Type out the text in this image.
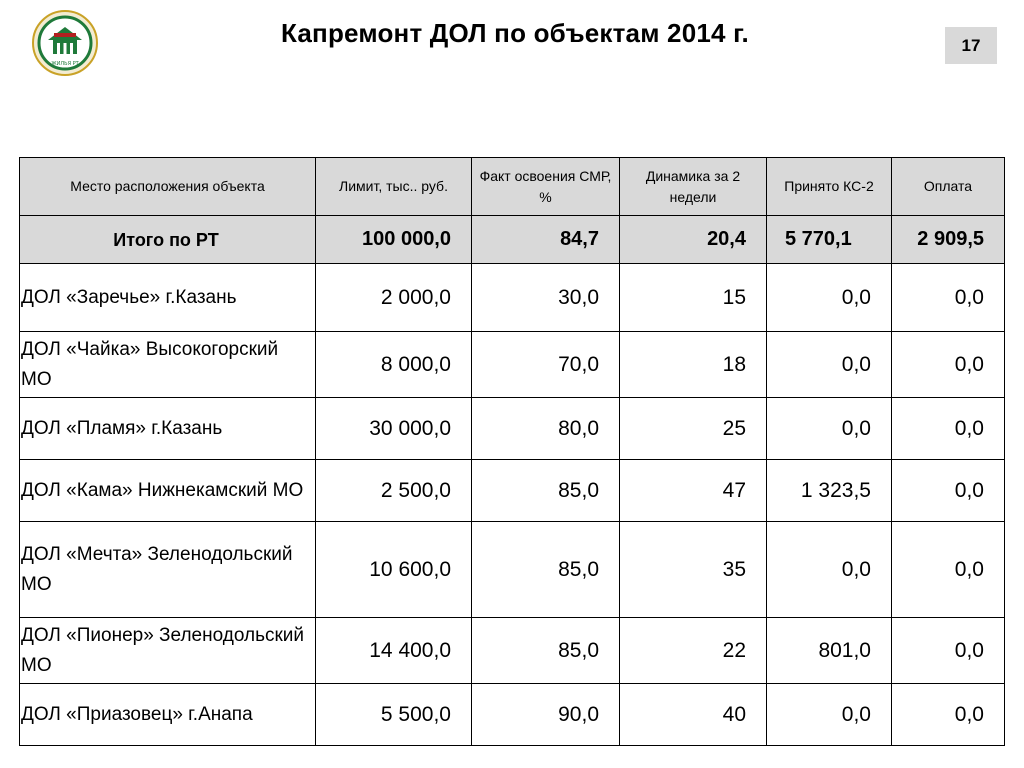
ЖИЛЬЯ РТ
Капремонт ДОЛ по объектам 2014 г.	17
Место расположения объекта	Лимит, тыс.. руб.	Факт освоения СМР, %	Динамика за 2 недели	Принято КС-2	Оплата
Итого по РТ	100 000,0	84,7	20,4	5 770,1	2 909,5
ДОЛ «Заречье» г.Казань	2 000,0	30,0	15	0,0	0,0
ДОЛ «Чайка» Высокогорский МО	8 000,0	70,0	18	0,0	0,0
ДОЛ «Пламя» г.Казань	30 000,0	80,0	25	0,0	0,0
ДОЛ «Кама» Нижнекамский МО	2 500,0	85,0	47	1 323,5	0,0
ДОЛ «Мечта» Зеленодольский МО	10 600,0	85,0	35	0,0	0,0
ДОЛ «Пионер» Зеленодольский МО	14 400,0	85,0	22	801,0	0,0
ДОЛ «Приазовец» г.Анапа	5 500,0	90,0	40	0,0	0,0
